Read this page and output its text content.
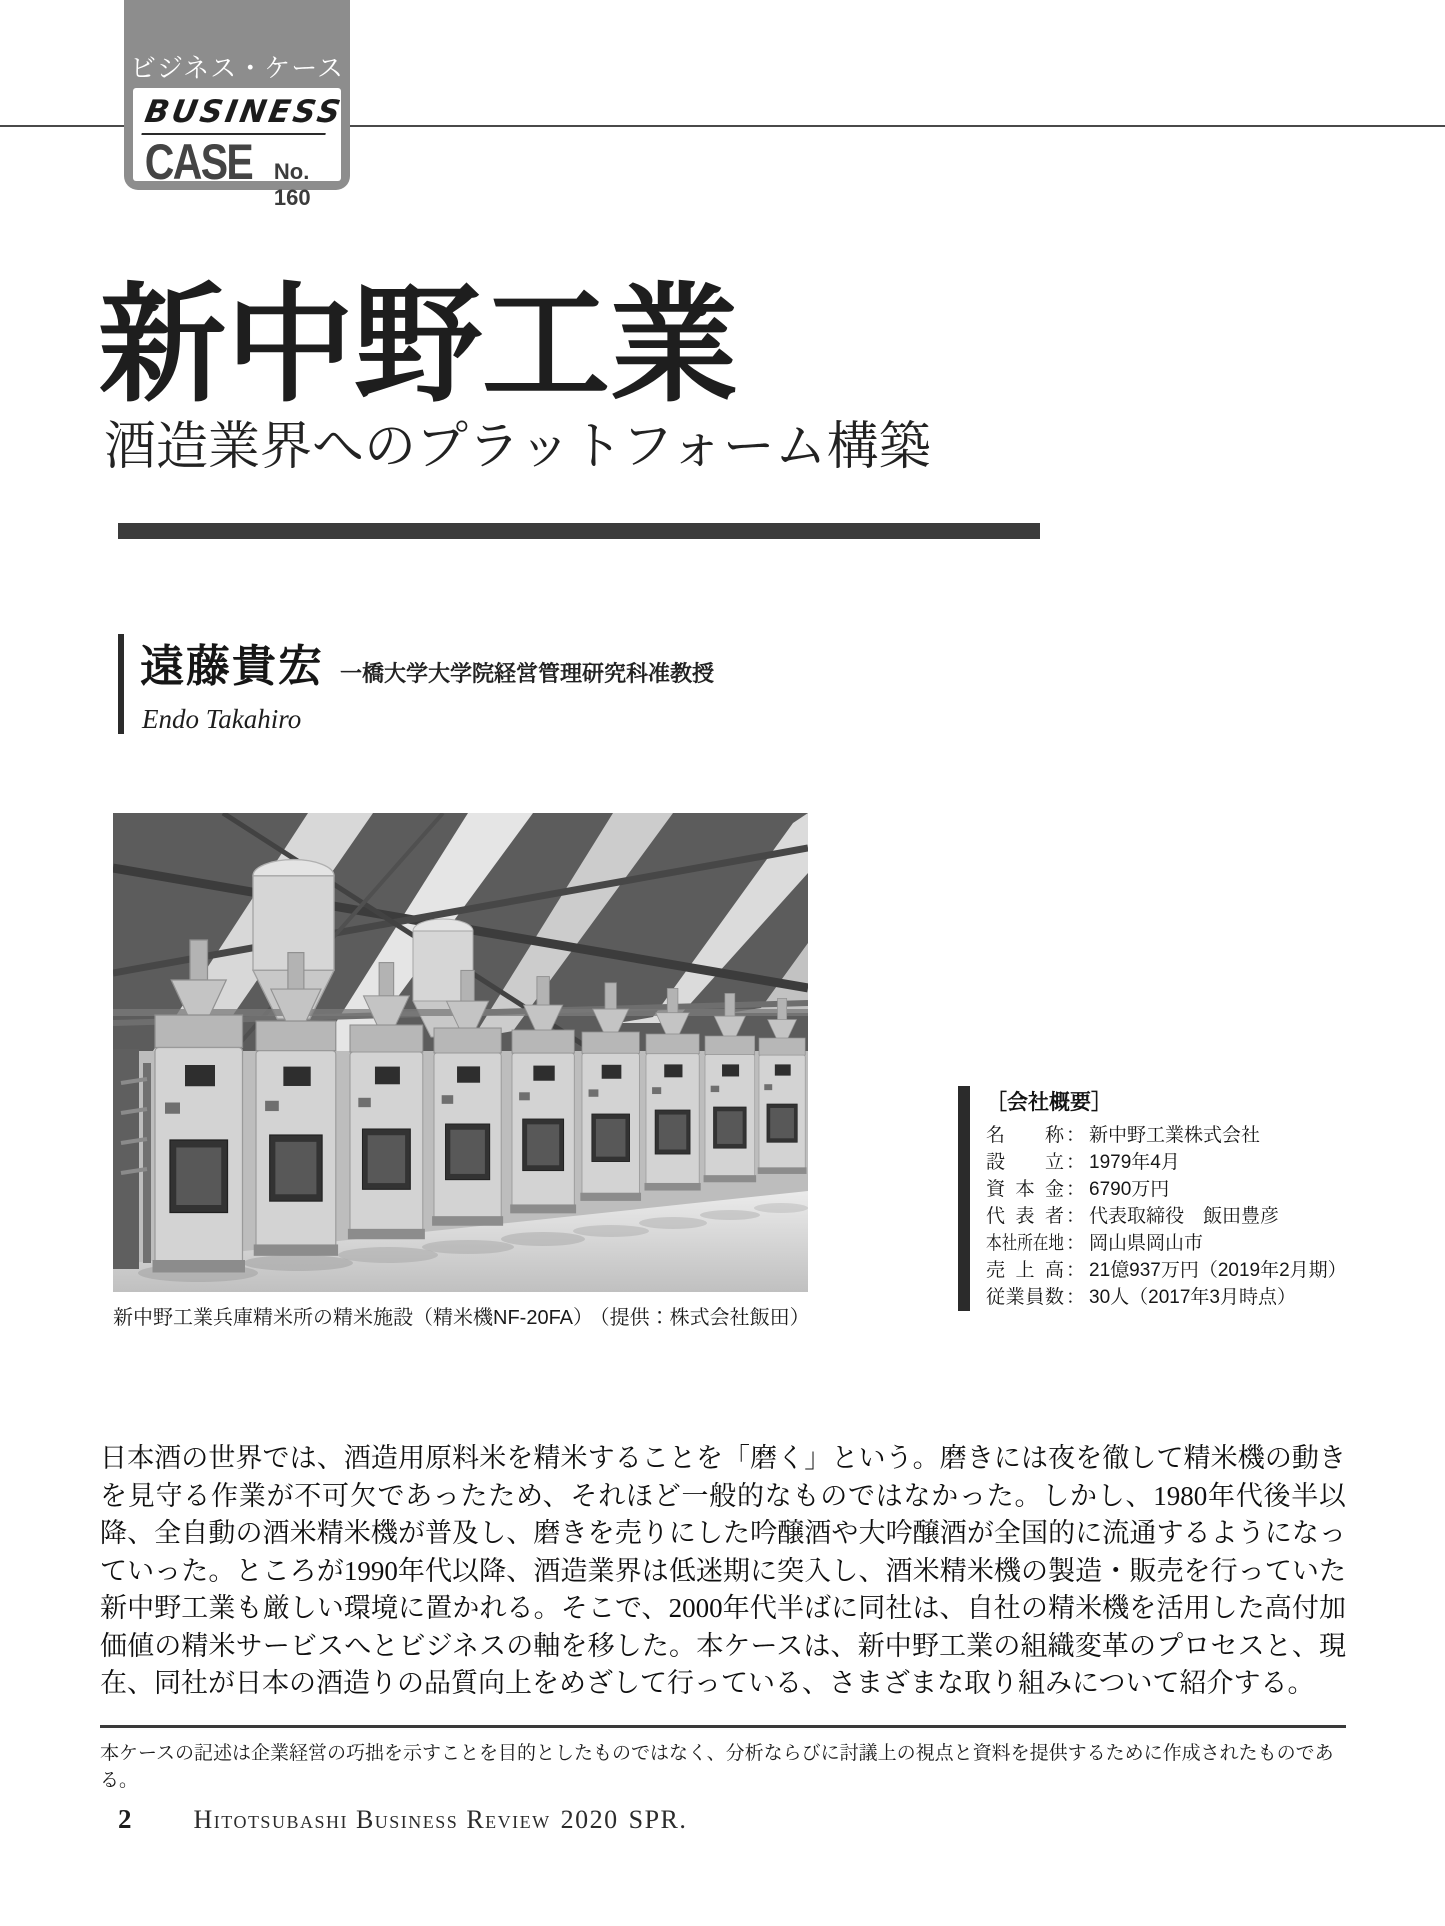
ビジネス・ケース
BUSINESS
CASE No. 160
新中野工業
酒造業界へのプラットフォーム構築
遠藤貴宏 一橋大学大学院経営管理研究科准教授
Endo Takahiro
新中野工業兵庫精米所の精米施設（精米機NF-20FA）
（提供：株式会社飯田）

［会社概要］

名称 ： 新中野工業株式会社
設立 ： 1979年4月
資本金 ： 6790万円
代表者 ： 代表取締役　飯田豊彦
本社所在地 ： 岡山県岡山市
売上高 ： 21億937万円（2019年2月期）
従業員数 ： 30人（2017年3月時点）
日本酒の世界では、酒造用原料米を精米することを「磨く」という。磨きには夜を徹して精米機の動きを見守る作業が不可欠であったため、それほど一般的なものではなかった。しかし、1980年代後半以降、全自動の酒米精米機が普及し、磨きを売りにした吟醸酒や大吟醸酒が全国的に流通するようになっていった。ところが1990年代以降、酒造業界は低迷期に突入し、酒米精米機の製造・販売を行っていた新中野工業も厳しい環境に置かれる。そこで、2000年代半ばに同社は、自社の精米機を活用した高付加価値の精米サービスへとビジネスの軸を移した。本ケースは、新中野工業の組織変革のプロセスと、現在、同社が日本の酒造りの品質向上をめざして行っている、さまざまな取り組みについて紹介する。
本ケースの記述は企業経営の巧拙を示すことを目的としたものではなく、分析ならびに討議上の視点と資料を提供するために作成されたものである。
2 Hitotsubashi Business Review 2020 SPR.
